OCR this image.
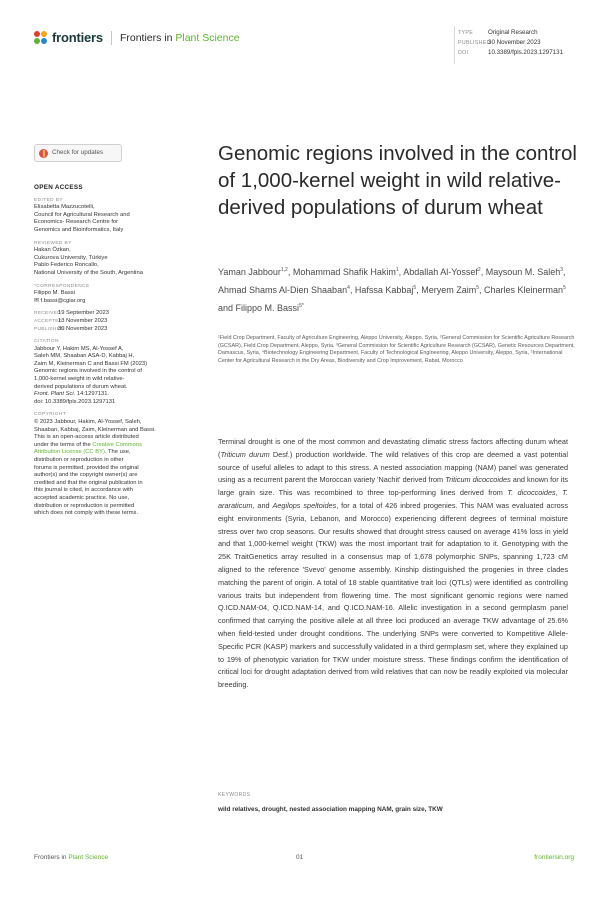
frontiers Frontiers in Plant Science	TYPE Original Research
PUBLISHED30 November 2023
DOI	10.3389/fpls.2023.1297131
Check for updates
OPEN ACCESS
EDITED BY
Elisabetta Mazzucotelli,
Council for Agricultural Research and
Economics- Research Centre for
Genomics and Bioinformatics, Italy
REVIEWED BY
Hakan Özkan,
Cukurova University, Türkiye
Pablo Federico Roncallo,
National University of the South, Argentina
*CORRESPONDENCE
Filippo M. Bassi
✉ f.bassi@cgiar.org
RECEIVED
19 September 2023
ACCEPTED
13 November 2023
PUBLISHED
30 November 2023
CITATION
Jabbour Y, Hakim MS, Al-Yossef A,
Saleh MM, Shaaban ASA-D, Kabbaj H,
Zaim M, Kleinerman C and Bassi FM (2023)
Genomic regions involved in the control of
1,000-kernel weight in wild relative-
derived populations of durum wheat.
Front. Plant Sci. 14:1297131.
doi: 10.3389/fpls.2023.1297131
COPYRIGHT
© 2023 Jabbour, Hakim, Al-Yossef, Saleh,
Shaaban, Kabbaj, Zaim, Kleinerman and Bassi.
This is an open-access article distributed
under the terms of the Creative Commons
Attribution License (CC BY). The use,
distribution or reproduction in other
forums is permitted, provided the original
author(s) and the copyright owner(s) are
credited and that the original publication in
this journal is cited, in accordance with
accepted academic practice. No use,
distribution or reproduction is permitted
which does not comply with these terms.
Genomic regions involved in the control of 1,000-kernel weight in wild relative-derived populations of durum wheat
Yaman Jabbour$^{1,2}$, Mohammad Shafik Hakim$^1$, Abdallah Al-Yossef$^2$, Maysoun M. Saleh$^3$, Ahmad Shams Al-Dien Shaaban$^4$, Hafssa Kabbaj$^5$, Meryem Zaim$^5$, Charles Kleinerman$^5$ and Filippo M. Bassi$^{5*}$
¹Field Crop Department, Faculty of Agriculture Engineering, Aleppo University, Aleppo, Syria, ²General Commission for Scientific Agriculture Research (GCSAR), Field Crop Department, Aleppo, Syria, ³General Commission for Scientific Agriculture Research (GCSAR), Genetic Resources Department, Damascus, Syria, ⁴Biotechnology Engineering Department, Faculty of Technological Engineering, Aleppo University, Aleppo, Syria, ⁵International Center for Agricultural Research in the Dry Areas, Biodiversity and Crop Improvement, Rabat, Morocco
Terminal drought is one of the most common and devastating climatic stress factors affecting durum wheat (Triticum durum Desf.) production worldwide. The wild relatives of this crop are deemed a vast potential source of useful alleles to adapt to this stress. A nested association mapping (NAM) panel was generated using as a recurrent parent the Moroccan variety 'Nachit' derived from Triticum dicoccoides and known for its large grain size. This was recombined to three top-performing lines derived from T. dicoccoides, T. araraticum, and Aegilops speltoides, for a total of 426 inbred progenies. This NAM was evaluated across eight environments (Syria, Lebanon, and Morocco) experiencing different degrees of terminal moisture stress over two crop seasons. Our results showed that drought stress caused on average 41% loss in yield and that 1,000-kernel weight (TKW) was the most important trait for adaptation to it. Genotyping with the 25K TraitGenetics array resulted in a consensus map of 1,678 polymorphic SNPs, spanning 1,723 cM aligned to the reference 'Svevo' genome assembly. Kinship distinguished the progenies in three clades matching the parent of origin. A total of 18 stable quantitative trait loci (QTLs) were identified as controlling various traits but independent from flowering time. The most significant genomic regions were named Q.ICD.NAM-04, Q.ICD.NAM-14, and Q.ICD.NAM-16. Allelic investigation in a second germplasm panel confirmed that carrying the positive allele at all three loci produced an average TKW advantage of 25.6% when field-tested under drought conditions. The underlying SNPs were converted to Kompetitive Allele-Specific PCR (KASP) markers and successfully validated in a third germplasm set, where they explained up to 19% of phenotypic variation for TKW under moisture stress. These findings confirm the identification of critical loci for drought adaptation derived from wild relatives that can now be readily exploited via molecular breeding.
KEYWORDS
wild relatives, drought, nested association mapping NAM, grain size, TKW
Frontiers in Plant Science	01	frontiersin.org
